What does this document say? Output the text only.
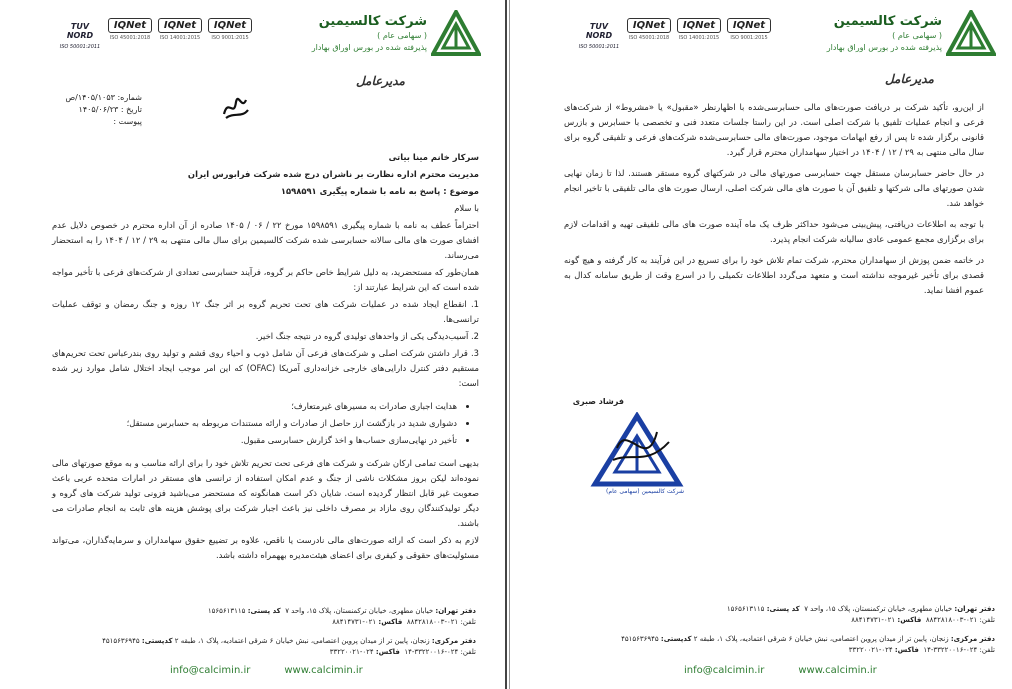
شرکت کالسیمین
( سهامی عام )
پذیرفته شده در بورس اوراق بهادار
TUV NORD
ISO 50001:2011
IQNet
ISO 45001:2018
IQNet
ISO 14001:2015
IQNet
ISO 9001:2015
مدیرعامل
شماره: ۱۴۰۵/۱۰۵۳/ص
تاریخ : ۱۴۰۵/۰۶/۲۳
پیوست :

سرکار خانم مینا بیاتی

مدیریت محترم اداره نظارت بر ناشران درج شده شرکت فرابورس ایران

موضوع : پاسخ به نامه با شماره پیگیری ۱۵۹۸۵۹۱

با سلام

احتراماً عطف به نامه با شماره پیگیری ۱۵۹۸۵۹۱ مورخ ۲۲ / ۰۶ / ۱۴۰۵ صادره از آن اداره محترم در خصوص دلایل عدم افشای صورت های مالی سالانه حسابرسی شده شرکت کالسیمین برای سال مالی منتهی به ۲۹ / ۱۲ / ۱۴۰۴ را به استحضار می‌رساند.

همان‌طور که مستحضرید، به دلیل شرایط خاص حاکم بر گروه، فرآیند حسابرسی تعدادی از شرکت‌های فرعی با تأخیر مواجه شده است که این شرایط عبارتند از:

1. انقطاع ایجاد شده در عملیات شرکت های تحت تحریم گروه بر اثر جنگ ۱۲ روزه و جنگ رمضان و توقف عملیات ترانسی‌ها.

2. آسیب‌دیدگی یکی از واحدهای تولیدی گروه در نتیجه جنگ اخیر.

3. قرار داشتن شرکت اصلی و شرکت‌های فرعی آن شامل ذوب و احیاء روی قشم و تولید روی بندرعباس تحت تحریم‌های مستقیم دفتر کنترل دارایی‌های خارجی خزانه‌داری آمریکا (OFAC) که این امر موجب ایجاد اختلال شامل موارد زیر شده است:

• هدایت اجباری صادرات به مسیرهای غیرمتعارف؛
• دشواری شدید در بازگشت ارز حاصل از صادرات و ارائه مستندات مربوطه به حسابرس مستقل؛
• تأخیر در نهایی‌سازی حساب‌ها و اخذ گزارش حسابرسی مقبول.

بدیهی است تمامی ارکان شرکت و شرکت های فرعی تحت تحریم تلاش خود را برای ارائه مناسب و به موقع صورتهای مالی نموده‌اند لیکن بروز مشکلات ناشی از جنگ و عدم امکان استفاده از ترانسی های مستقر در امارات متحده عربی باعث صعوبت غیر قابل انتظار گردیده است. شایان ذکر است همانگونه که مستحضر می‌باشید فزونی تولید شرکت های گروه و دیگر تولیدکنندگان روی مازاد بر مصرف داخلی نیز باعث اجبار شرکت برای پوشش هزینه های ثابت به انجام صادرات می باشند.

لازم به ذکر است که ارائه صورت‌های مالی نادرست یا ناقص، علاوه بر تضییع حقوق سهامداران و سرمایه‌گذاران، می‌تواند مسئولیت‌های حقوقی و کیفری برای اعضای هیئت‌مدیره بههمراه داشته باشد.

دفتر تهران: خیابان مطهری، خیابان ترکمنستان، پلاک ۱۵، واحد ۷  کد پستی: ۱۵۶۵۶۱۳۱۱۵
تلفن: ۰۲۱-۸۸۴۲۸۱۸۰۰۳  فاکس: ۰۲۱-۸۸۴۱۴۷۳۱
دفتر مرکزی: زنجان، پایین تر از میدان پروین اعتصامی، نبش خیابان ۶ شرقی اعتمادیه، پلاک ۱، طبقه ۲ کدپستی: ۴۵۱۵۶۳۶۹۴۵
تلفن: ۰۲۴-۳۳۲۲۰۰۱۶-۱۴  فاکس: ۰۲۴-۳۳۲۲۰۰۲۱
info@calcimin.ir	www.calcimin.ir
شرکت کالسیمین
( سهامی عام )
پذیرفته شده در بورس اوراق بهادار
TUV NORD
ISO 50001:2011
IQNet
ISO 45001:2018
IQNet
ISO 14001:2015
IQNet
ISO 9001:2015
مدیرعامل

از این‌رو، تأکید شرکت بر دریافت صورت‌های مالی حسابرسی‌شده با اظهارنظر «مقبول» یا «مشروط» از شرکت‌های فرعی و انجام عملیات تلفیق با شرکت اصلی است. در این راستا جلسات متعدد فنی و تخصصی با حسابرس و بازرس قانونی برگزار شده تا پس از رفع ابهامات موجود، صورت‌های مالی حسابرسی‌شده شرکت‌های فرعی و تلفیقی گروه برای سال مالی منتهی به ۲۹ / ۱۲ / ۱۴۰۴ در اختیار سهامداران محترم قرار گیرد.

در حال حاضر حسابرسان مستقل جهت حسابرسی صورتهای مالی در شرکتهای گروه مستقر هستند. لذا تا زمان نهایی شدن صورتهای مالی شرکتها و تلفیق آن با صورت های مالی شرکت اصلی، ارسال صورت های مالی تلفیقی با تاخیر انجام خواهد شد.

با توجه به اطلاعات دریافتی، پیش‌بینی می‌شود حداکثر ظرف یک ماه آینده صورت های مالی تلفیقی تهیه و اقدامات لازم برای برگزاری مجمع عمومی عادی سالیانه شرکت انجام پذیرد.

در خاتمه ضمن پوزش از سهامداران محترم، شرکت تمام تلاش خود را برای تسریع در این فرآیند به کار گرفته و هیچ گونه قصدی برای تأخیر غیرموجه نداشته است و متعهد می‌گردد اطلاعات تکمیلی را در اسرع وقت از طریق سامانه کدال به عموم افشا نماید.

فرشاد صبری
شرکت کالسیمین (سهامی عام)
دفتر تهران: خیابان مطهری، خیابان ترکمنستان، پلاک ۱۵، واحد ۷  کد پستی: ۱۵۶۵۶۱۳۱۱۵
تلفن: ۰۲۱-۸۸۴۲۸۱۸۰۰۳  فاکس: ۰۲۱-۸۸۴۱۴۷۳۱
دفتر مرکزی: زنجان، پایین تر از میدان پروین اعتصامی، نبش خیابان ۶ شرقی اعتمادیه، پلاک ۱، طبقه ۲ کدپستی: ۴۵۱۵۶۳۶۹۴۵
تلفن: ۰۲۴-۳۳۲۲۰۰۱۶-۱۴  فاکس: ۰۲۴-۳۳۲۲۰۰۲۱
info@calcimin.ir	www.calcimin.ir
